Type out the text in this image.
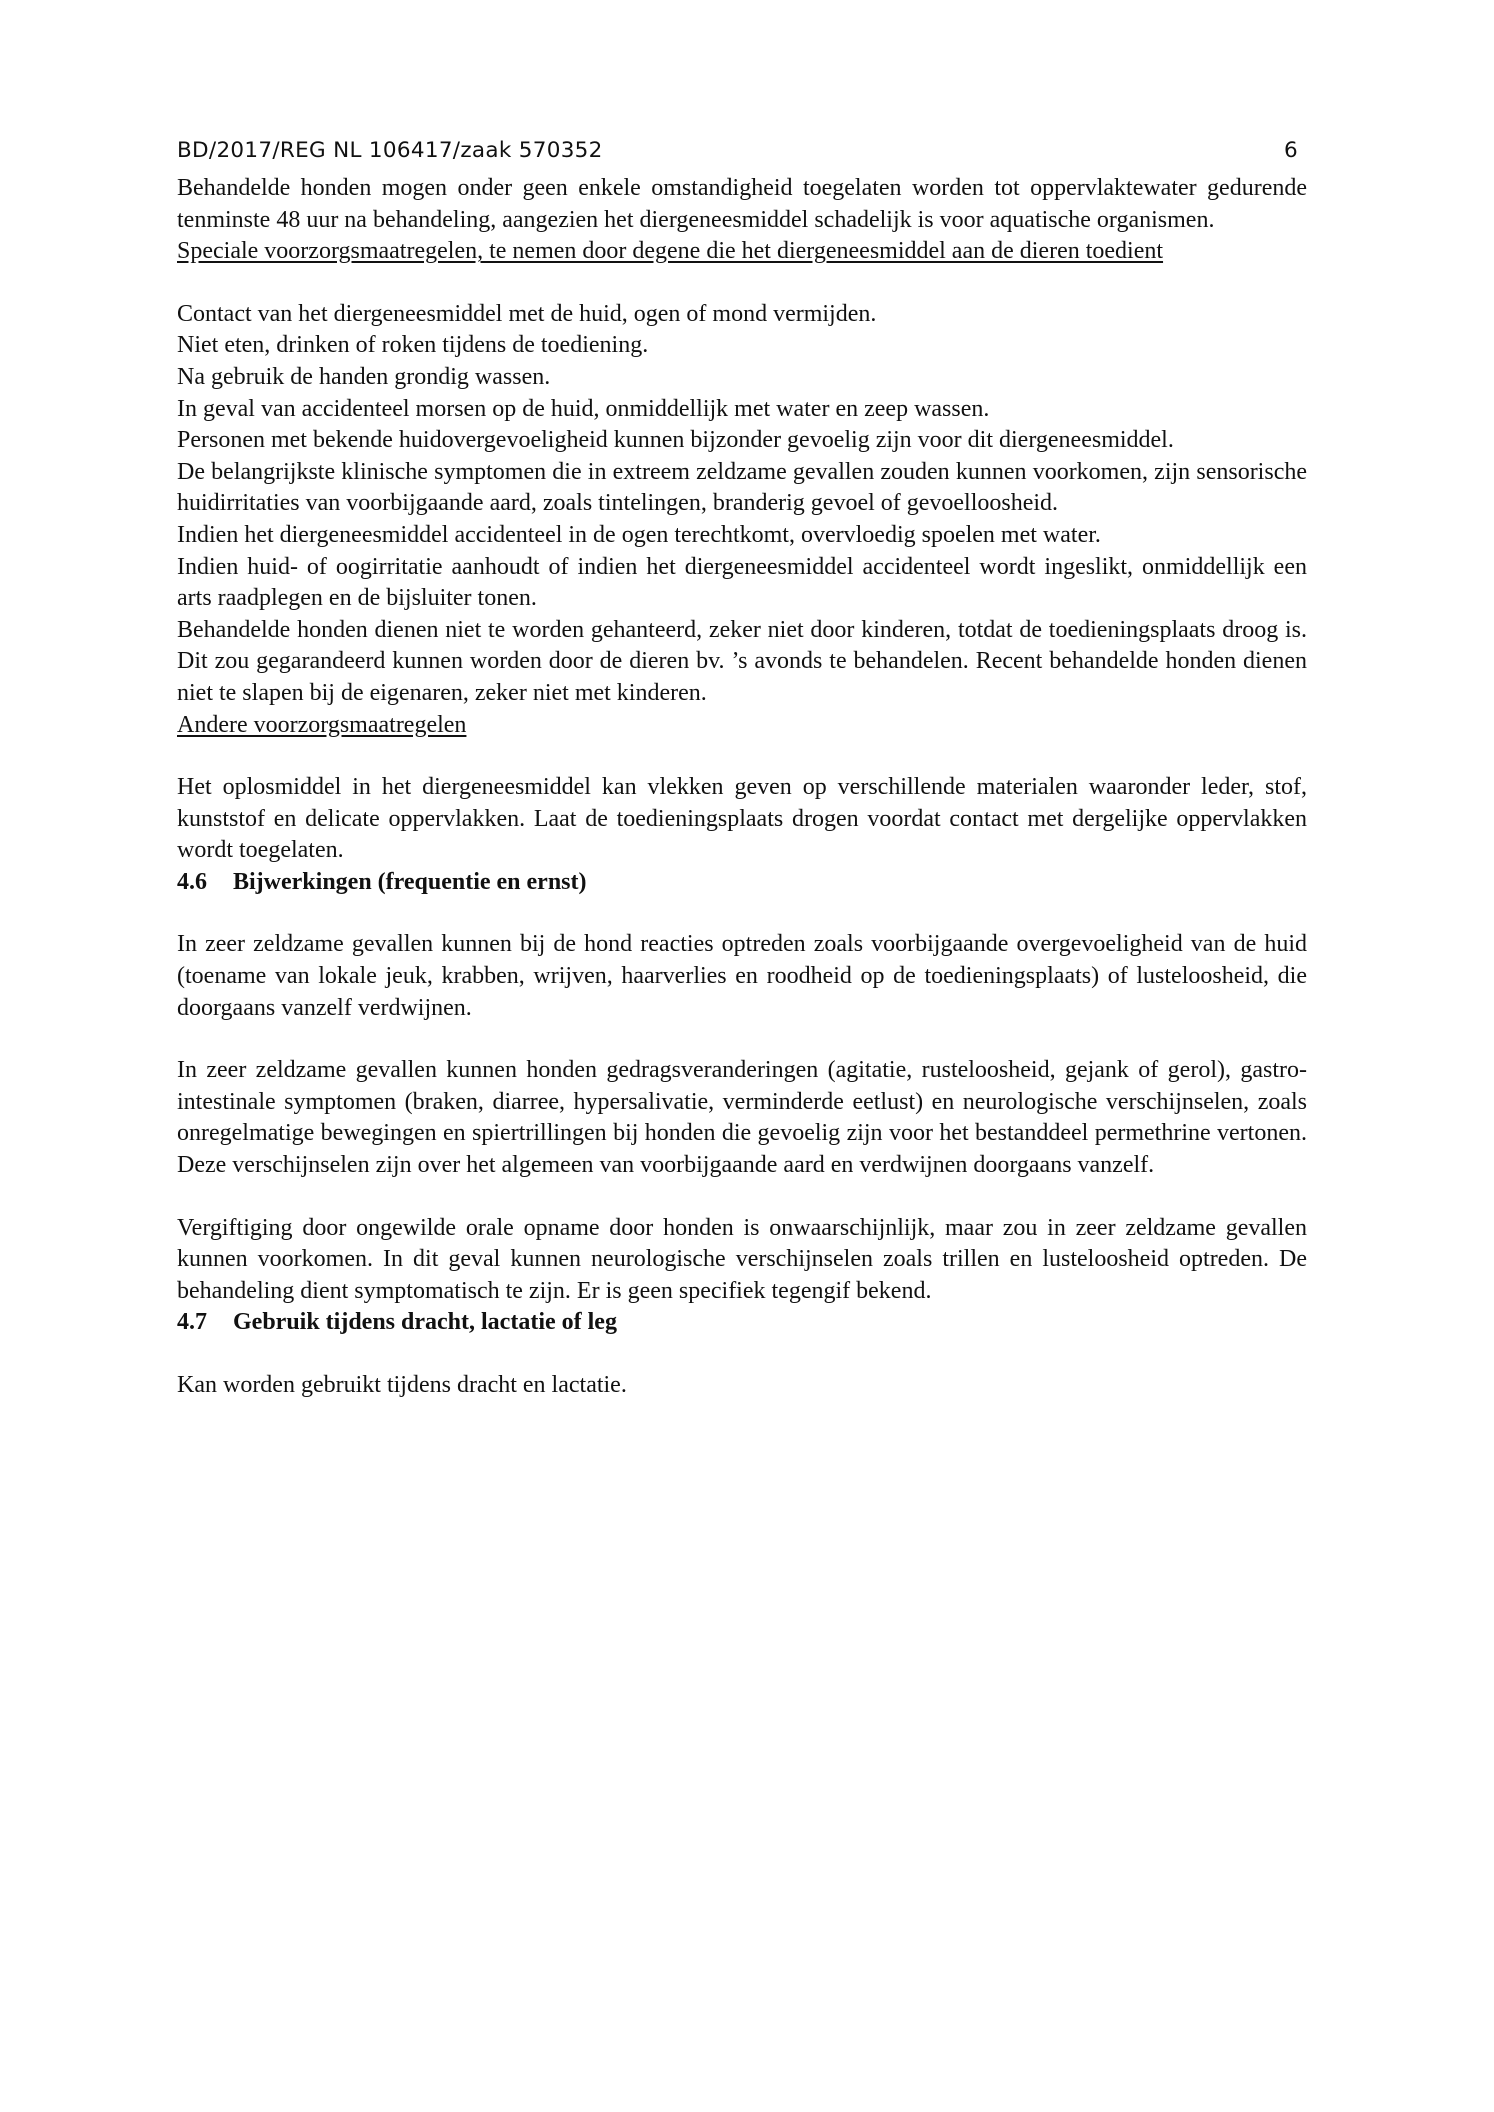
BD/2017/REG NL 106417/zaak 570352	6

Behandelde honden mogen onder geen enkele omstandigheid toegelaten worden tot oppervlaktewater gedurende tenminste 48 uur na behandeling, aangezien het diergeneesmiddel schadelijk is voor aquatische organismen.

Speciale voorzorgsmaatregelen, te nemen door degene die het diergeneesmiddel aan de dieren toedient

Contact van het diergeneesmiddel met de huid, ogen of mond vermijden.

Niet eten, drinken of roken tijdens de toediening.

Na gebruik de handen grondig wassen.

In geval van accidenteel morsen op de huid, onmiddellijk met water en zeep wassen.

Personen met bekende huidovergevoeligheid kunnen bijzonder gevoelig zijn voor dit diergeneesmiddel.

De belangrijkste klinische symptomen die in extreem zeldzame gevallen zouden kunnen voorkomen, zijn sensorische huidirritaties van voorbijgaande aard, zoals tintelingen, branderig gevoel of gevoelloosheid.

Indien het diergeneesmiddel accidenteel in de ogen terechtkomt, overvloedig spoelen met water.

Indien huid- of oogirritatie aanhoudt of indien het diergeneesmiddel accidenteel wordt ingeslikt, onmiddellijk een arts raadplegen en de bijsluiter tonen.

Behandelde honden dienen niet te worden gehanteerd, zeker niet door kinderen, totdat de toedieningsplaats droog is. Dit zou gegarandeerd kunnen worden door de dieren bv. ’s avonds te behandelen. Recent behandelde honden dienen niet te slapen bij de eigenaren, zeker niet met kinderen.

Andere voorzorgsmaatregelen

Het oplosmiddel in het diergeneesmiddel kan vlekken geven op verschillende materialen waaronder leder, stof, kunststof en delicate oppervlakken. Laat de toedieningsplaats drogen voordat contact met dergelijke oppervlakken wordt toegelaten.

4.6 Bijwerkingen (frequentie en ernst)

In zeer zeldzame gevallen kunnen bij de hond reacties optreden zoals voorbijgaande overgevoeligheid van de huid (toename van lokale jeuk, krabben, wrijven, haarverlies en roodheid op de toedieningsplaats) of lusteloosheid, die doorgaans vanzelf verdwijnen.

In zeer zeldzame gevallen kunnen honden gedragsveranderingen (agitatie, rusteloosheid, gejank of gerol), gastro-intestinale symptomen (braken, diarree, hypersalivatie, verminderde eetlust) en neurologische verschijnselen, zoals onregelmatige bewegingen en spiertrillingen bij honden die gevoelig zijn voor het bestanddeel permethrine vertonen. Deze verschijnselen zijn over het algemeen van voorbijgaande aard en verdwijnen doorgaans vanzelf.

Vergiftiging door ongewilde orale opname door honden is onwaarschijnlijk, maar zou in zeer zeldzame gevallen kunnen voorkomen. In dit geval kunnen neurologische verschijnselen zoals trillen en lusteloosheid optreden. De behandeling dient symptomatisch te zijn. Er is geen specifiek tegengif bekend.

4.7 Gebruik tijdens dracht, lactatie of leg

Kan worden gebruikt tijdens dracht en lactatie.
